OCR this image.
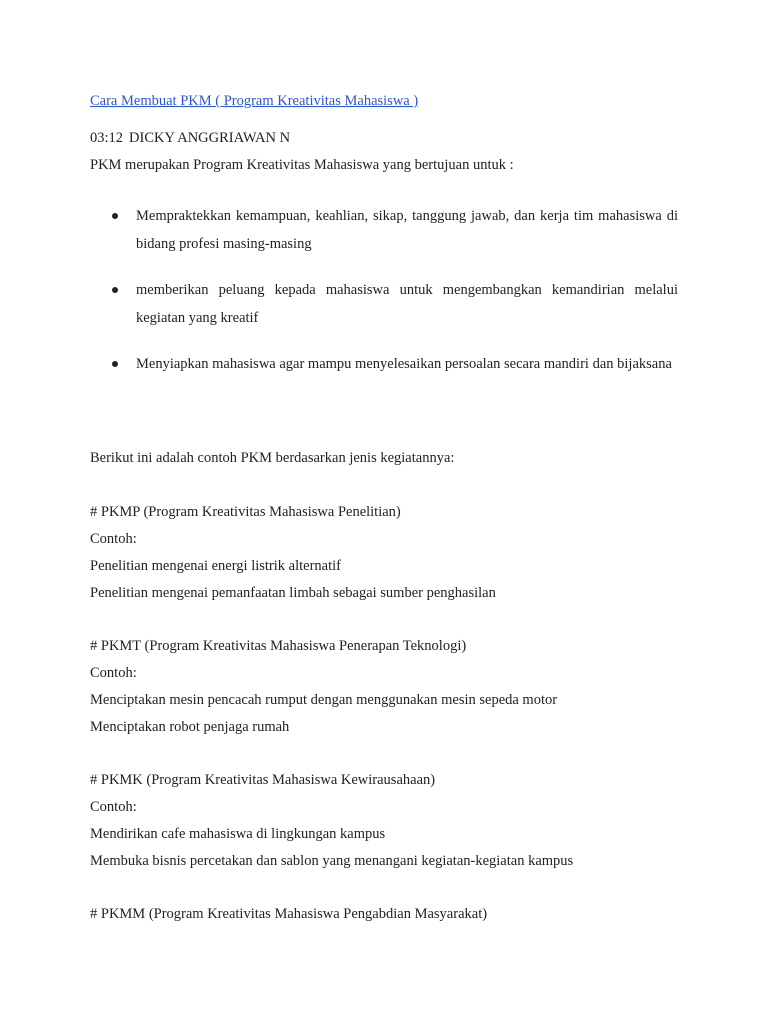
Cara Membuat PKM ( Program Kreativitas Mahasiswa )
03:12 DICKY ANGGRIAWAN N
PKM merupakan Program Kreativitas Mahasiswa yang bertujuan untuk :
Mempraktekkan kemampuan, keahlian, sikap, tanggung jawab, dan kerja tim mahasiswa di bidang profesi masing-masing
memberikan peluang kepada mahasiswa untuk mengembangkan kemandirian melalui kegiatan yang kreatif
Menyiapkan mahasiswa agar mampu menyelesaikan persoalan secara mandiri dan bijaksana
Berikut ini adalah contoh PKM berdasarkan jenis kegiatannya:
# PKMP (Program Kreativitas Mahasiswa Penelitian)
Contoh:
Penelitian mengenai energi listrik alternatif
Penelitian mengenai pemanfaatan limbah sebagai sumber penghasilan
# PKMT (Program Kreativitas Mahasiswa Penerapan Teknologi)
Contoh:
Menciptakan mesin pencacah rumput dengan menggunakan mesin sepeda motor
Menciptakan robot penjaga rumah
# PKMK (Program Kreativitas Mahasiswa Kewirausahaan)
Contoh:
Mendirikan cafe mahasiswa di lingkungan kampus
Membuka bisnis percetakan dan sablon yang menangani kegiatan-kegiatan kampus
# PKMM (Program Kreativitas Mahasiswa Pengabdian Masyarakat)
